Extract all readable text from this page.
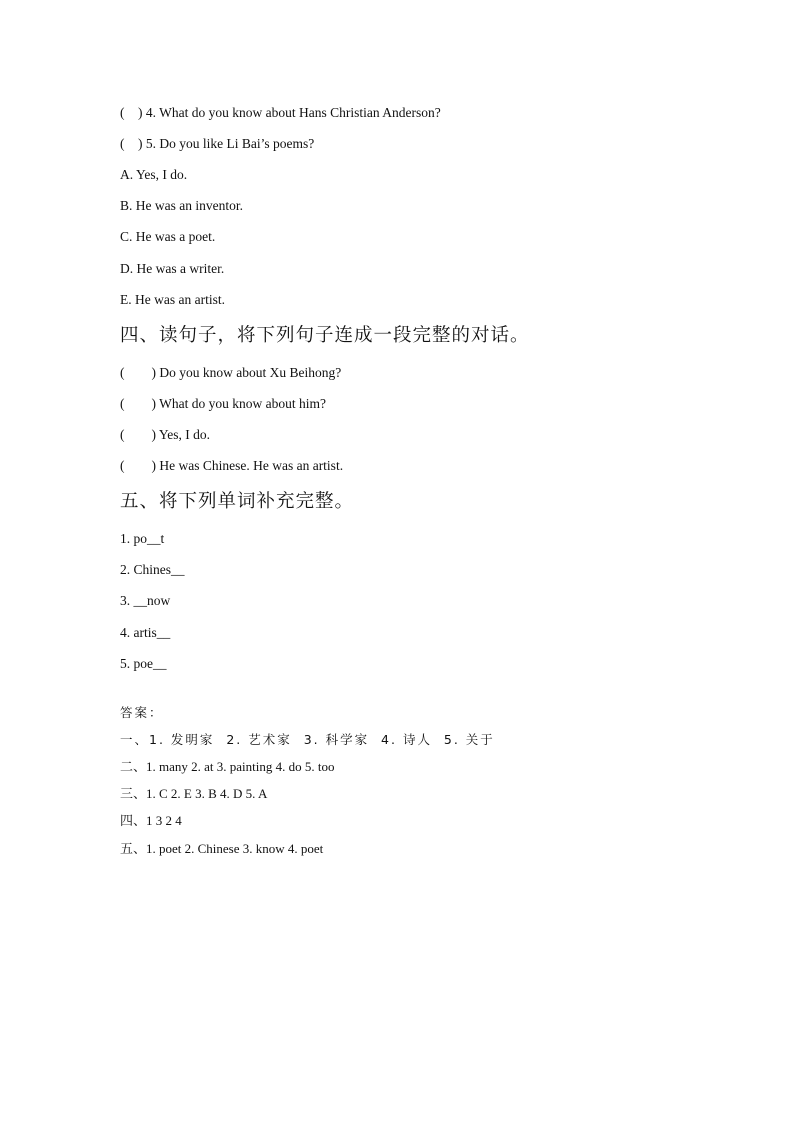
(    ) 4. What do you know about Hans Christian Anderson?
(    ) 5. Do you like Li Bai’s poems?
A. Yes, I do.
B. He was an inventor.
C. He was a poet.
D. He was a writer.
E. He was an artist.
四、读句子，将下列句子连成一段完整的对话。
(        ) Do you know about Xu Beihong?
(        ) What do you know about him?
(        ) Yes, I do.
(        ) He was Chinese. He was an artist.
五、将下列单词补充完整。
1. po__t
2. Chines__
3. __now
4. artis__
5. poe__
答案：
一、1. 发明家  2. 艺术家  3. 科学家  4. 诗人  5. 关于
二、1. many 2. at 3. painting 4. do 5. too
三、1. C 2. E 3. B 4. D 5. A
四、1 3 2 4
五、1. poet 2. Chinese 3. know 4. poet
